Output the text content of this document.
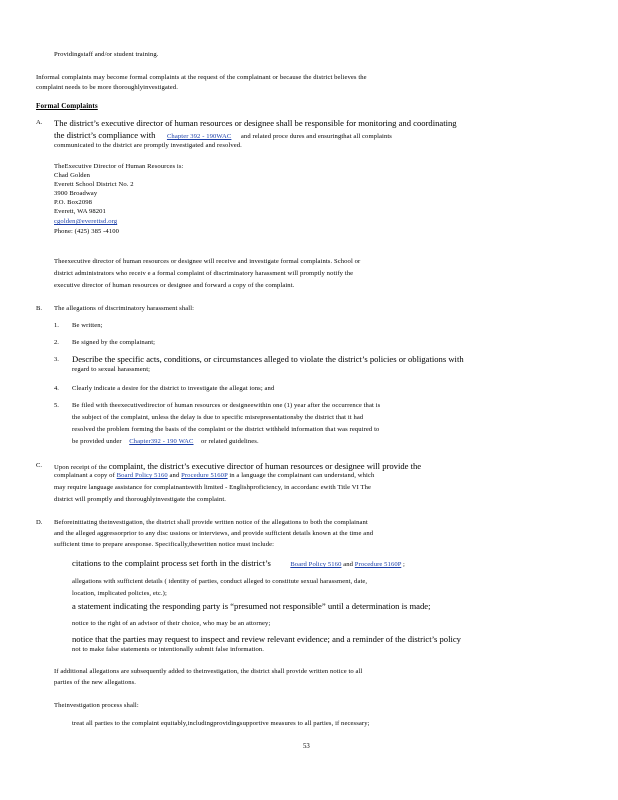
Providingstaff and/or student training.
Informal complaints may become formal complaints at the request of the complainant or because the district believes the
complaint needs to be more thoroughlyinvestigated.
Formal Complaints
A. The district’s executive director of human resources or designee shall be responsible for monitoring and coordinating
the district’s compliance with Chapter 392 - 190WAC and related proce dures and ensuringthat all complaints
communicated to the district are promptly investigated and resolved.
TheExecutive Director of Human Resources is:
Chad Golden
Everett School District No. 2
3900 Broadway
P.O. Box2098
Everett, WA 98201
cgolden@everettsd.org
Phone: (425) 385 -4100
Theexecutive director of human resources or designee will receive and investigate formal complaints. School or
district administrators who receiv e a formal complaint of discriminatory harassment will promptly notify the
executive director of human resources or designee and forward a copy of the complaint.
B. The allegations of discriminatory harassment shall:
1. Be written;
2. Be signed by the complainant;
3. Describe the specific acts, conditions, or circumstances alleged to violate the district’s policies or obligations with
regard to sexual harassment;
4. Clearly indicate a desire for the district to investigate the allegat ions; and
5. Be filed with theexecutivedirector of human resources or designeewithin one (1) year after the occurrence that is
the subject of the complaint, unless the delay is due to specific misrepresentationsby the district that it had
resolved the problem forming the basis of the complaint or the district withheld information that was required to
be provided under Chapter392 - 190 WAC or related guidelines.
C. Upon receipt of the complaint, the district’s executive director of human resources or designee will provide the
complainant a copy of Board Policy 5160 and Procedure 5160P in a language the complainant can understand, which
may require language assistance for complainantswith limited - Englishproficiency, in accordanc ewith Title VI The
district will promptly and thoroughlyinvestigate the complaint.
D. Beforeinitiating theinvestigation, the district shall provide written notice of the allegations to both the complainant
and the alleged aggressorprior to any disc ussions or interviews, and provide sufficient details known at the time and
sufficient time to prepare aresponse. Specifically,thewritten notice must include:
citations to the complaint process set forth in the district’s	Board Policy 5160 and Procedure 5160P ;
allegations with sufficient details ( identity of parties, conduct alleged to constitute sexual harassment, date,
location, implicated policies, etc.);
a statement indicating the responding party is “presumed not responsible” until a determination is made;
notice to the right of an advisor of their choice, who may be an attorney;
notice that the parties may request to inspect and review relevant evidence; and a reminder of the district’s policy
not to make false statements or intentionally submit false information.
If additional allegations are subsequently added to theinvestigation, the district shall provide written notice to all
parties of the new allegations.
Theinvestigation process shall:
treat all parties to the complaint equitably,includingprovidingsupportive measures to all parties, if necessary;
53
